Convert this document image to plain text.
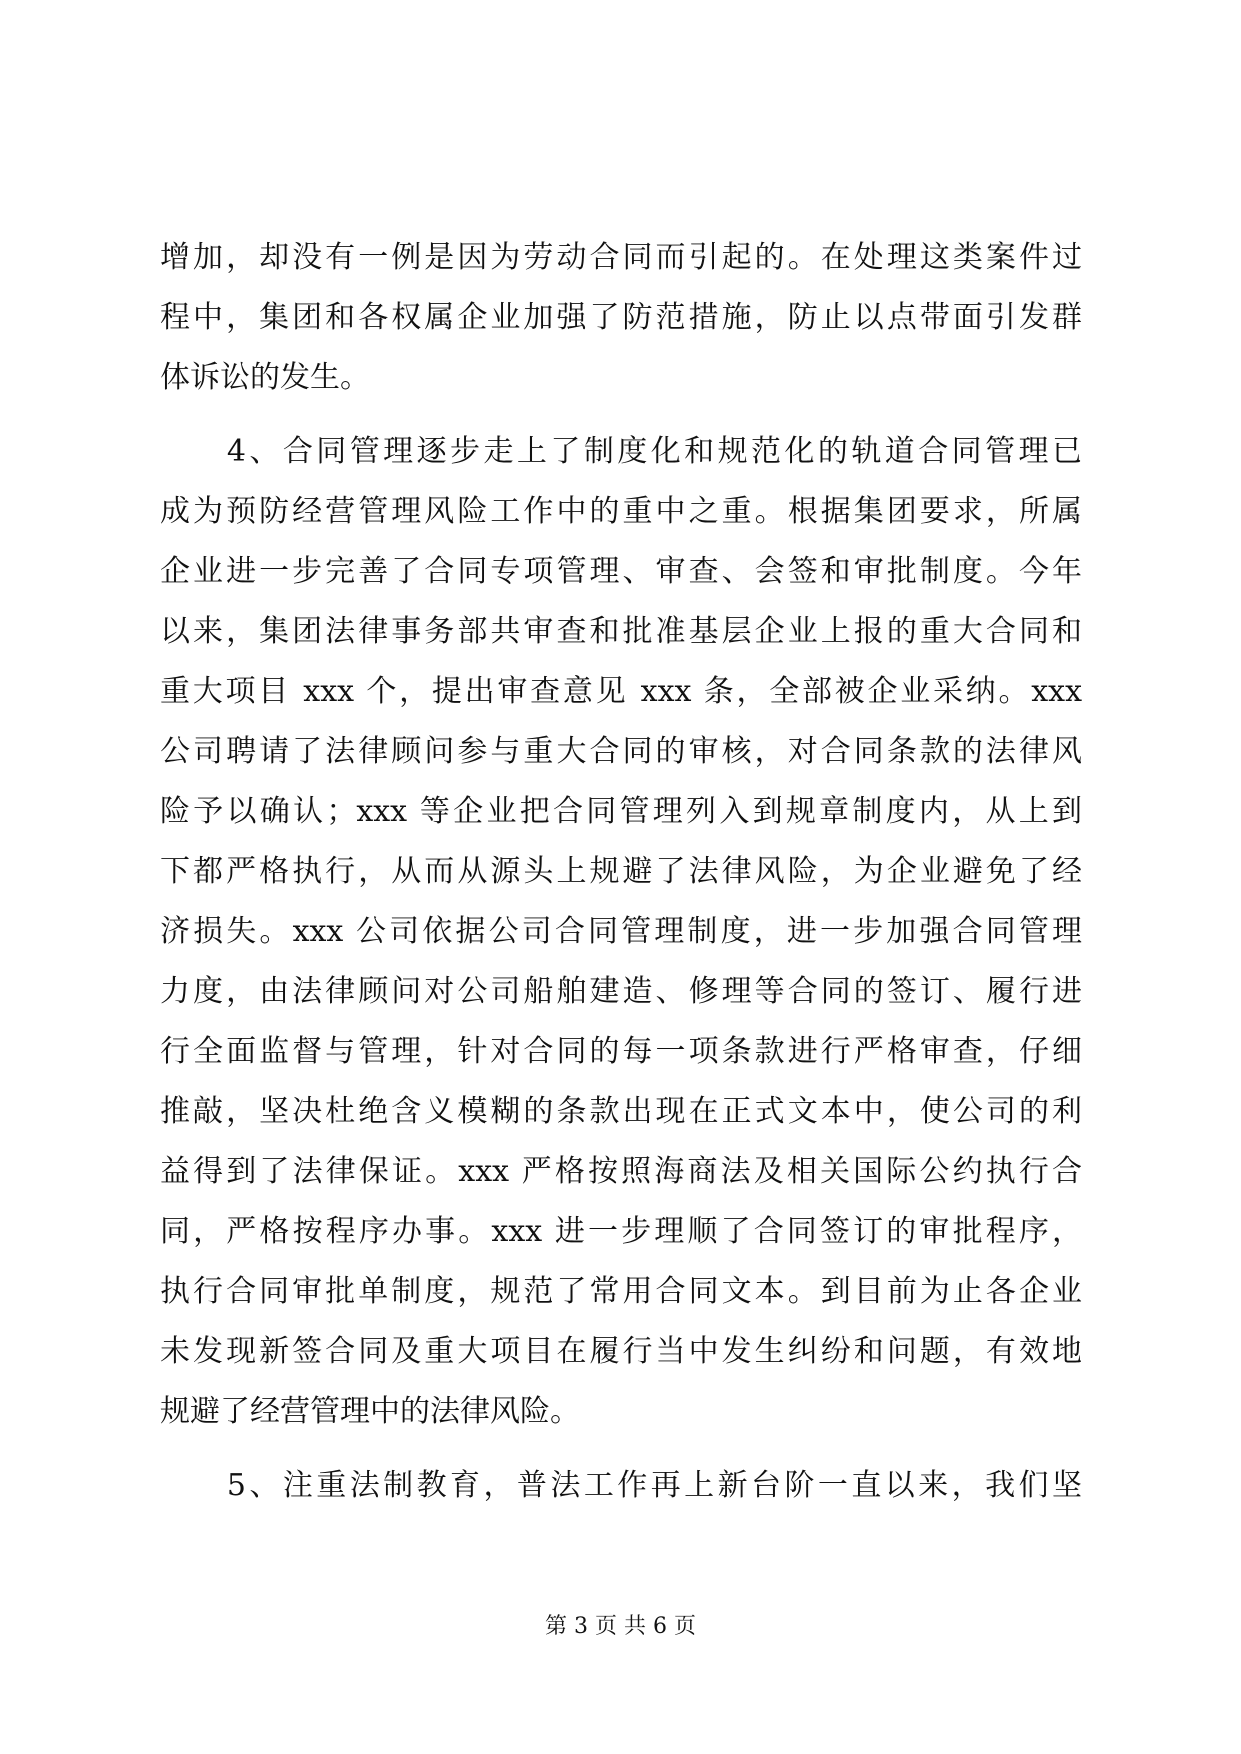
增加，却没有一例是因为劳动合同而引起的。在处理这类案件过
程中，集团和各权属企业加强了防范措施，防止以点带面引发群
体诉讼的发生。
　　4、合同管理逐步走上了制度化和规范化的轨道合同管理已
成为预防经营管理风险工作中的重中之重。根据集团要求，所属
企业进一步完善了合同专项管理、审查、会签和审批制度。今年
以来，集团法律事务部共审查和批准基层企业上报的重大合同和
重大项目 xxx 个，提出审查意见 xxx 条，全部被企业采纳。xxx
公司聘请了法律顾问参与重大合同的审核，对合同条款的法律风
险予以确认；xxx 等企业把合同管理列入到规章制度内，从上到
下都严格执行，从而从源头上规避了法律风险，为企业避免了经
济损失。xxx 公司依据公司合同管理制度，进一步加强合同管理
力度，由法律顾问对公司船舶建造、修理等合同的签订、履行进
行全面监督与管理，针对合同的每一项条款进行严格审查，仔细
推敲，坚决杜绝含义模糊的条款出现在正式文本中，使公司的利
益得到了法律保证。xxx 严格按照海商法及相关国际公约执行合
同，严格按程序办事。xxx 进一步理顺了合同签订的审批程序，
执行合同审批单制度，规范了常用合同文本。到目前为止各企业
未发现新签合同及重大项目在履行当中发生纠纷和问题，有效地
规避了经营管理中的法律风险。
　　5、注重法制教育，普法工作再上新台阶一直以来，我们坚
第 3 页 共 6 页
